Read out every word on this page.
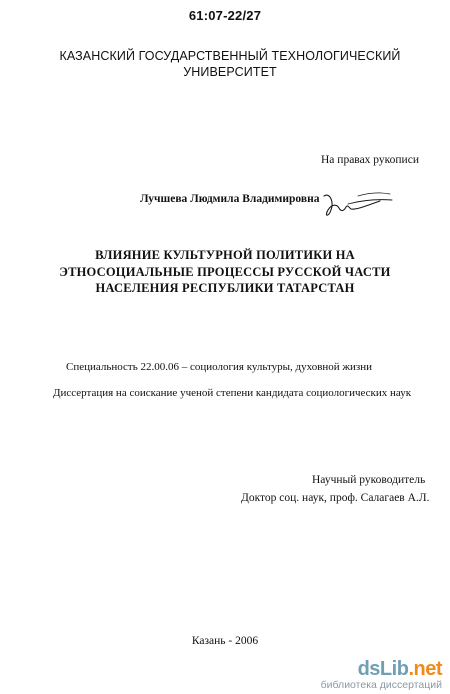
61:07-22/27
КАЗАНСКИЙ ГОСУДАРСТВЕННЫЙ ТЕХНОЛОГИЧЕСКИЙ
УНИВЕРСИТЕТ
На правах рукописи
Лучшева Людмила Владимировна
ВЛИЯНИЕ КУЛЬТУРНОЙ ПОЛИТИКИ НА
ЭТНОСОЦИАЛЬНЫЕ ПРОЦЕССЫ РУССКОЙ ЧАСТИ
НАСЕЛЕНИЯ РЕСПУБЛИКИ ТАТАРСТАН
Специальность 22.00.06 – социология культуры, духовной жизни
Диссертация на соискание ученой степени кандидата социологических наук
Научный руководитель
Доктор соц. наук, проф. Салагаев А.Л.
Казань - 2006
dsLib.net
библиотека диссертаций
